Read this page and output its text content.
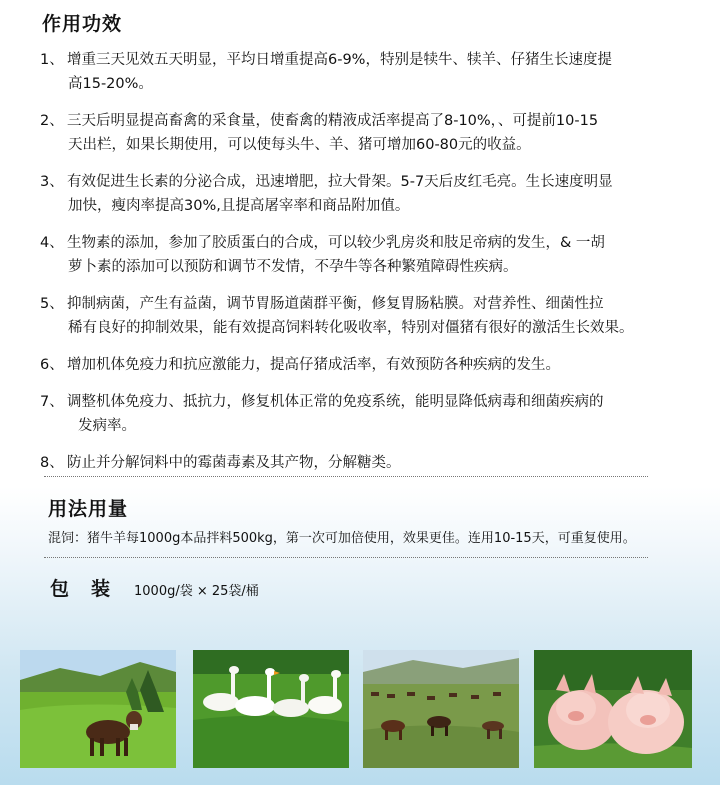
作用功效
1、 增重三天见效五天明显，平均日增重提高6-9%，特别是犊牛、犊羊、仔猪生长速度提

高15-20%。

2、 三天后明显提高畜禽的采食量，使畜禽的精液成活率提高了8-10%，、可提前10-15

天出栏，如果长期使用，可以使每头牛、羊、猪可增加60-80元的收益。

3、 有效促进生长素的分泌合成，迅速增肥，拉大骨架。5-7天后皮红毛亮。生长速度明显

加快，瘦肉率提高30%,且提高屠宰率和商品附加值。

4、 生物素的添加，参加了胶质蛋白的合成，可以较少乳房炎和肢足帝病的发生，& 一胡

萝卜素的添加可以预防和调节不发情，不孕牛等各种繁殖障碍性疾病。

5、 抑制病菌，产生有益菌，调节胃肠道菌群平衡，修复胃肠粘膜。对营养性、细菌性拉

稀有良好的抑制效果，能有效提高饲料转化吸收率，特别对僵猪有很好的激活生长效果。

6、 增加机体免疫力和抗应激能力，提高仔猪成活率，有效预防各种疾病的发生。

7、 调整机体免疫力、抵抗力，修复机体正常的免疫系统，能明显降低病毒和细菌疾病的

发病率。

8、 防止并分解饲料中的霉菌毒素及其产物，分解糖类。

用法用量
混饲：猪牛羊每1000g本品拌料500kg，第一次可加倍使用，效果更佳。连用10-15天，可重复使用。
包装 1000g/袋 × 25袋/桶
